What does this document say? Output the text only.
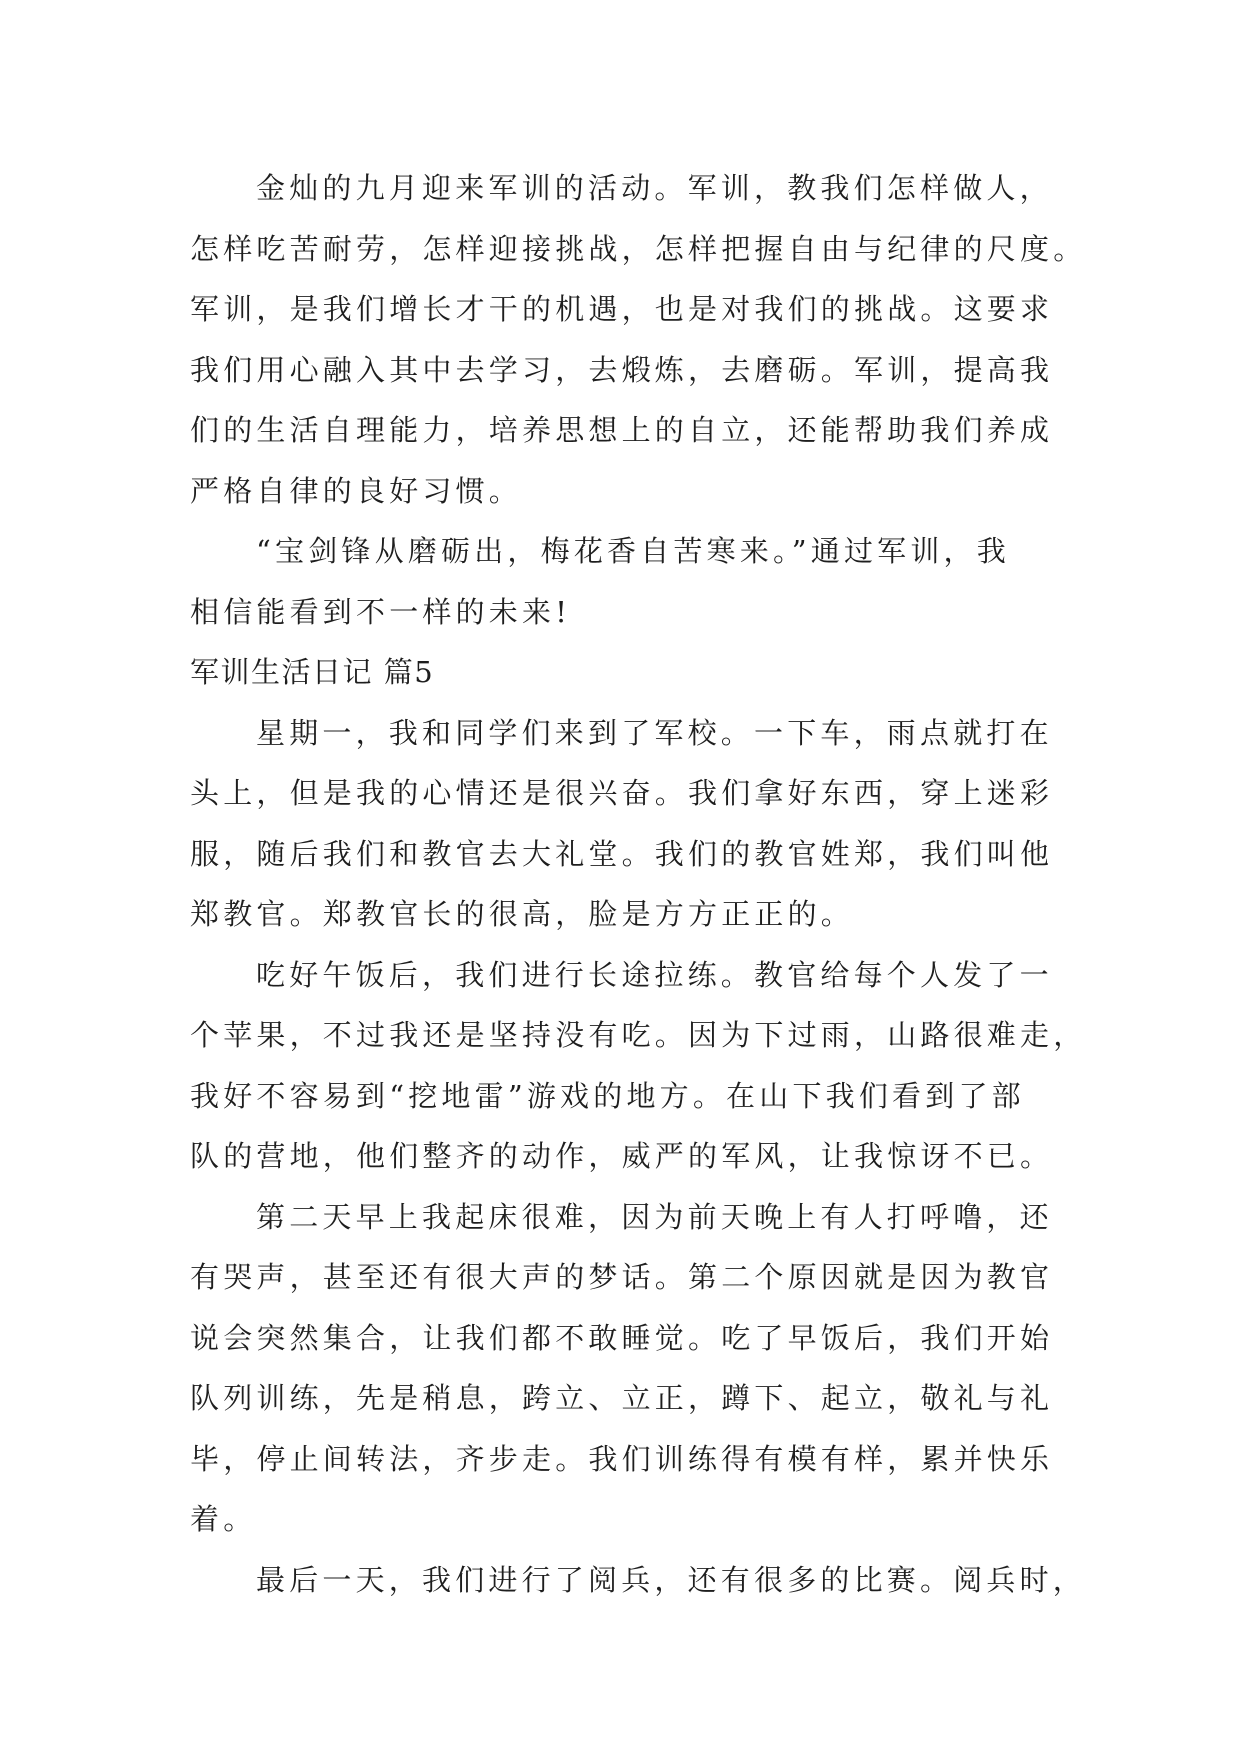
金灿的九月迎来军训的活动。军训，教我们怎样做人，
怎样吃苦耐劳，怎样迎接挑战，怎样把握自由与纪律的尺度。
军训，是我们增长才干的机遇，也是对我们的挑战。这要求
我们用心融入其中去学习，去煅炼，去磨砺。军训，提高我
们的生活自理能力，培养思想上的自立，还能帮助我们养成
严格自律的良好习惯。
“宝剑锋从磨砺出，梅花香自苦寒来。”通过军训，我
相信能看到不一样的未来!
军训生活日记 篇5
星期一，我和同学们来到了军校。一下车，雨点就打在
头上，但是我的心情还是很兴奋。我们拿好东西，穿上迷彩
服，随后我们和教官去大礼堂。我们的教官姓郑，我们叫他
郑教官。郑教官长的很高，脸是方方正正的。
吃好午饭后，我们进行长途拉练。教官给每个人发了一
个苹果，不过我还是坚持没有吃。因为下过雨，山路很难走，
我好不容易到“挖地雷”游戏的地方。在山下我们看到了部
队的营地，他们整齐的动作，威严的军风，让我惊讶不已。
第二天早上我起床很难，因为前天晚上有人打呼噜，还
有哭声，甚至还有很大声的梦话。第二个原因就是因为教官
说会突然集合，让我们都不敢睡觉。吃了早饭后，我们开始
队列训练，先是稍息，跨立、立正，蹲下、起立，敬礼与礼
毕，停止间转法，齐步走。我们训练得有模有样，累并快乐
着。
最后一天，我们进行了阅兵，还有很多的比赛。阅兵时，
